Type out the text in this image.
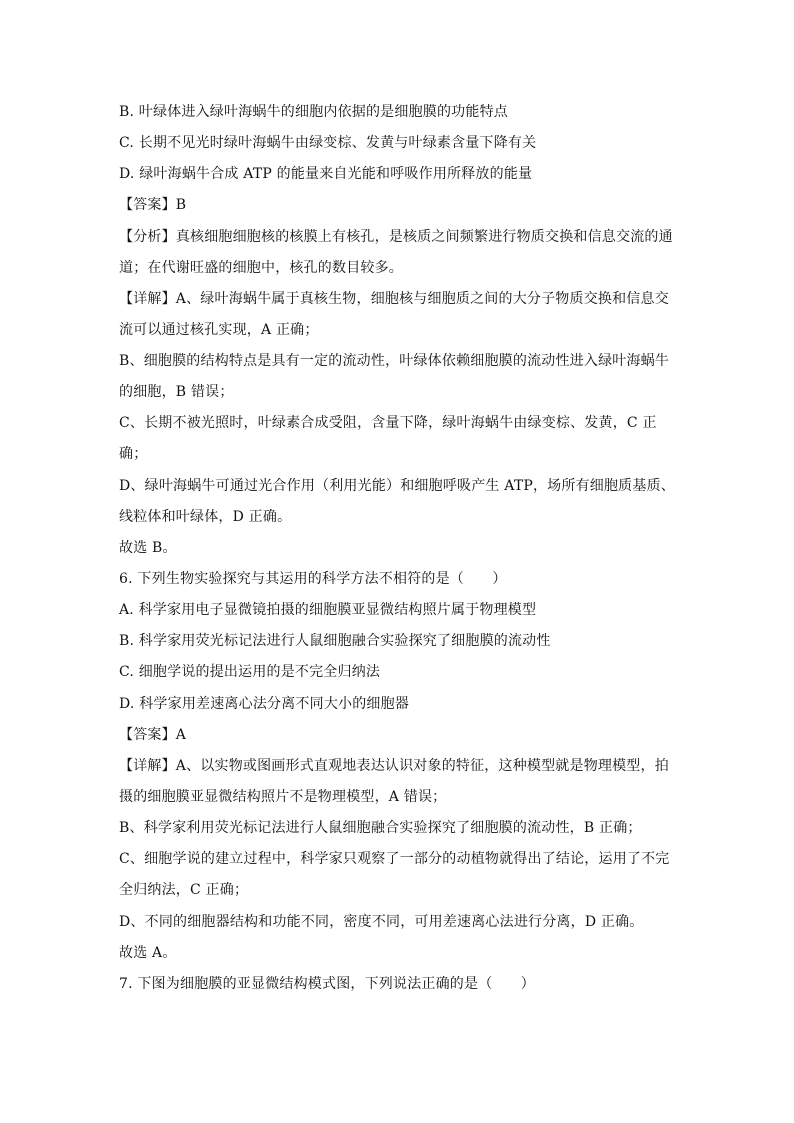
B. 叶绿体进入绿叶海蜗牛的细胞内依据的是细胞膜的功能特点
C. 长期不见光时绿叶海蜗牛由绿变棕、发黄与叶绿素含量下降有关
D. 绿叶海蜗牛合成 ATP 的能量来自光能和呼吸作用所释放的能量
【答案】B
【分析】真核细胞细胞核的核膜上有核孔，是核质之间频繁进行物质交换和信息交流的通
道；在代谢旺盛的细胞中，核孔的数目较多。
【详解】A、绿叶海蜗牛属于真核生物，细胞核与细胞质之间的大分子物质交换和信息交
流可以通过核孔实现，A 正确；
B、细胞膜的结构特点是具有一定的流动性，叶绿体依赖细胞膜的流动性进入绿叶海蜗牛
的细胞，B 错误；
C、长期不被光照时，叶绿素合成受阻，含量下降，绿叶海蜗牛由绿变棕、发黄，C 正
确；
D、绿叶海蜗牛可通过光合作用（利用光能）和细胞呼吸产生 ATP，场所有细胞质基质、
线粒体和叶绿体，D 正确。
故选 B。
6. 下列生物实验探究与其运用的科学方法不相符的是（　　）
A. 科学家用电子显微镜拍摄的细胞膜亚显微结构照片属于物理模型
B. 科学家用荧光标记法进行人鼠细胞融合实验探究了细胞膜的流动性
C. 细胞学说的提出运用的是不完全归纳法
D. 科学家用差速离心法分离不同大小的细胞器
【答案】A
【详解】A、以实物或图画形式直观地表达认识对象的特征，这种模型就是物理模型，拍
摄的细胞膜亚显微结构照片不是物理模型，A 错误；
B、科学家利用荧光标记法进行人鼠细胞融合实验探究了细胞膜的流动性，B 正确；
C、细胞学说的建立过程中，科学家只观察了一部分的动植物就得出了结论，运用了不完
全归纳法，C 正确；
D、不同的细胞器结构和功能不同，密度不同，可用差速离心法进行分离，D 正确。
故选 A。
7. 下图为细胞膜的亚显微结构模式图，下列说法正确的是（　　）
